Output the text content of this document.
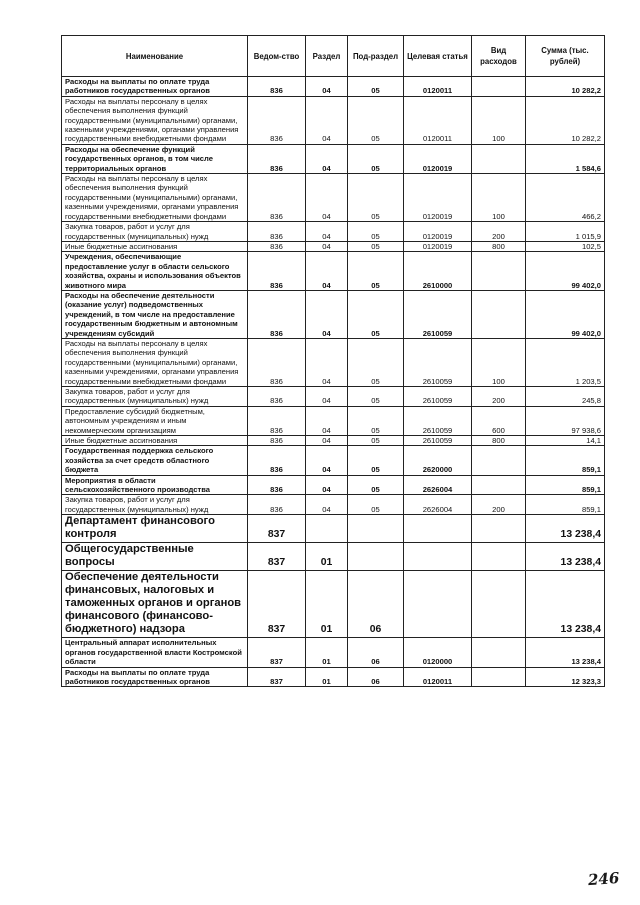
Наименование	Ведом-ство	Раздел	Под-раздел	Целевая статья	Вид расходов	Сумма (тыс. рублей)
Расходы на выплаты по оплате труда работников государственных органов	836	04	05	0120011		10 282,2
Расходы на выплаты персоналу в целях обеспечения выполнения функций государственными (муниципальными) органами, казенными учреждениями, органами управления государственными внебюджетными фондами	836	04	05	0120011	100	10 282,2
Расходы на обеспечение функций государственных органов, в том числе территориальных органов	836	04	05	0120019		1 584,6
Расходы на выплаты персоналу в целях обеспечения выполнения функций государственными (муниципальными) органами, казенными учреждениями, органами управления государственными внебюджетными фондами	836	04	05	0120019	100	466,2
Закупка товаров, работ и услуг для государственных (муниципальных) нужд	836	04	05	0120019	200	1 015,9
Иные бюджетные ассигнования	836	04	05	0120019	800	102,5
Учреждения, обеспечивающие предоставление услуг в области сельского хозяйства, охраны и использования объектов животного мира	836	04	05	2610000		99 402,0
Расходы на обеспечение деятельности (оказание услуг) подведомственных учреждений, в том числе на предоставление государственным бюджетным и автономным учреждениям субсидий	836	04	05	2610059		99 402,0
Расходы на выплаты персоналу в целях обеспечения выполнения функций государственными (муниципальными) органами, казенными учреждениями, органами управления государственными внебюджетными фондами	836	04	05	2610059	100	1 203,5
Закупка товаров, работ и услуг для государственных (муниципальных) нужд	836	04	05	2610059	200	245,8
Предоставление субсидий бюджетным, автономным учреждениям и иным некоммерческим организациям	836	04	05	2610059	600	97 938,6
Иные бюджетные ассигнования	836	04	05	2610059	800	14,1
Государственная поддержка сельского хозяйства за счет средств областного бюджета	836	04	05	2620000		859,1
Мероприятия в области сельскохозяйственного производства	836	04	05	2626004		859,1
Закупка товаров, работ и услуг для государственных (муниципальных) нужд	836	04	05	2626004	200	859,1
Департамент финансового контроля	837					13 238,4
Общегосударственные вопросы	837	01				13 238,4
Обеспечение деятельности финансовых, налоговых и таможенных органов и органов финансового (финансово-бюджетного) надзора	837	01	06			13 238,4
Центральный аппарат исполнительных органов государственной власти Костромской области	837	01	06	0120000		13 238,4
Расходы на выплаты по оплате труда работников государственных органов	837	01	06	0120011		12 323,3
246
